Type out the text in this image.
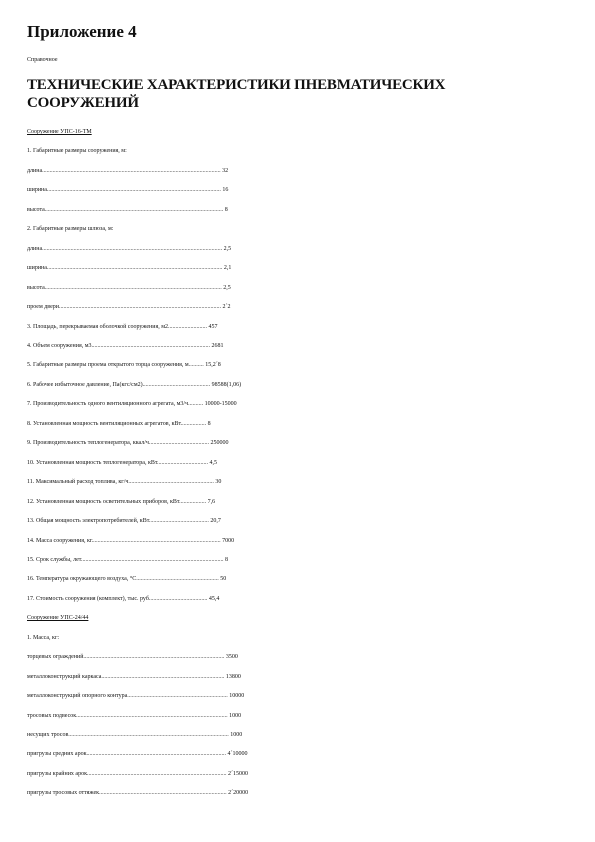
Приложение 4

Справочное

ТЕХНИЧЕСКИЕ ХАРАКТЕРИСТИКИ ПНЕВМАТИЧЕСКИХ СООРУЖЕНИЙ
Сооружение УПС-16-ТМ
1. Габаритные размеры сооружения, м:
длина....................................................................................................................... 32
ширина.................................................................................................................... 16
высота....................................................................................................................... 8
2. Габаритные размеры шлюза, м:
длина........................................................................................................................ 2,5
ширина..................................................................................................................... 2,1
высота...................................................................................................................... 2,5
проем двери............................................................................................................ 2´2
3. Площадь, перекрываемая оболочкой сооружения, м2.......................... 457
4. Объем сооружения, м3............................................................................... 2681
5. Габаритные размеры проема открытого торца сооружения, м.......... 15,2´8
6. Рабочее избыточное давление, Па(кгс/см2)............................................. 98588(1,06)
7. Производительность одного вентиляционного агрегата, м3/ч.......... 10000-15000
8. Установленная мощность вентиляционных агрегатов, кВт................. 8
9. Производительность теплогенератора, ккал/ч........................................ 250000
10. Установленная мощность теплогенератора, кВт.................................. 4,5
11. Максимальный расход топлива, кг/ч......................................................... 30
12. Установленная мощность осветительных приборов, кВт.................. 7,6
13. Общая мощность электропотребителей, кВт........................................ 20,7
14. Масса сооружения, кг...................................................................................... 7000
15. Срок службы, лет............................................................................................... 8
16. Температура окружающего воздуха, °С....................................................... 50
17. Стоимость сооружения (комплект), тыс. руб....................................... 45,4
Сооружение УПС-24/44
1. Масса, кг:
торцевых ограждений.............................................................................................. 3500
металлоконструкций каркаса.................................................................................. 13800
металлоконструкций опорного контура................................................................... 10000
тросовых подвесок..................................................................................................... 1000
несущих тросов........................................................................................................... 1000
пригрузы средних арок............................................................................................. 4´10000
пригрузы крайних арок............................................................................................. 2´15000
пригрузы тросовых оттяжек..................................................................................... 2´20000
